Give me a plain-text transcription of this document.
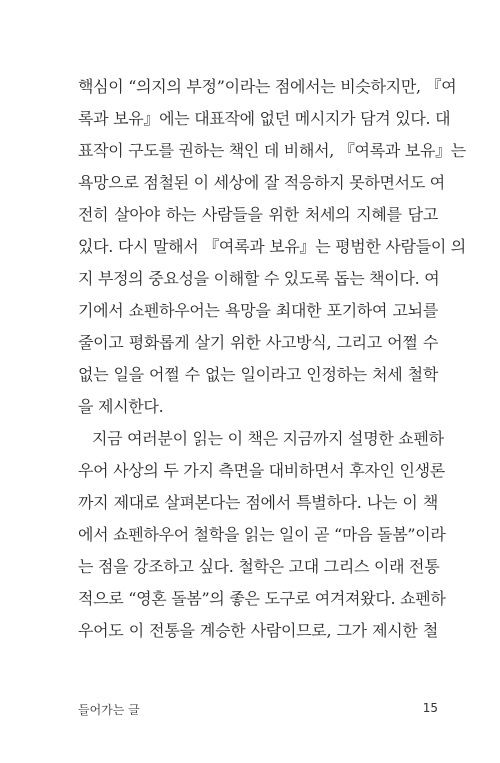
핵심이 “의지의 부정”이라는 점에서는 비슷하지만, 『여
록과 보유』에는 대표작에 없던 메시지가 담겨 있다. 대
표작이 구도를 권하는 책인 데 비해서, 『여록과 보유』는
욕망으로 점철된 이 세상에 잘 적응하지 못하면서도 여
전히 살아야 하는 사람들을 위한 처세의 지혜를 담고
있다. 다시 말해서 『여록과 보유』는 평범한 사람들이 의
지 부정의 중요성을 이해할 수 있도록 돕는 책이다. 여
기에서 쇼펜하우어는 욕망을 최대한 포기하여 고뇌를
줄이고 평화롭게 살기 위한 사고방식, 그리고 어쩔 수
없는 일을 어쩔 수 없는 일이라고 인정하는 처세 철학
을 제시한다.
지금 여러분이 읽는 이 책은 지금까지 설명한 쇼펜하
우어 사상의 두 가지 측면을 대비하면서 후자인 인생론
까지 제대로 살펴본다는 점에서 특별하다. 나는 이 책
에서 쇼펜하우어 철학을 읽는 일이 곧 “마음 돌봄”이라
는 점을 강조하고 싶다. 철학은 고대 그리스 이래 전통
적으로 “영혼 돌봄”의 좋은 도구로 여겨져왔다. 쇼펜하
우어도 이 전통을 계승한 사람이므로, 그가 제시한 철
들어가는 글	15
